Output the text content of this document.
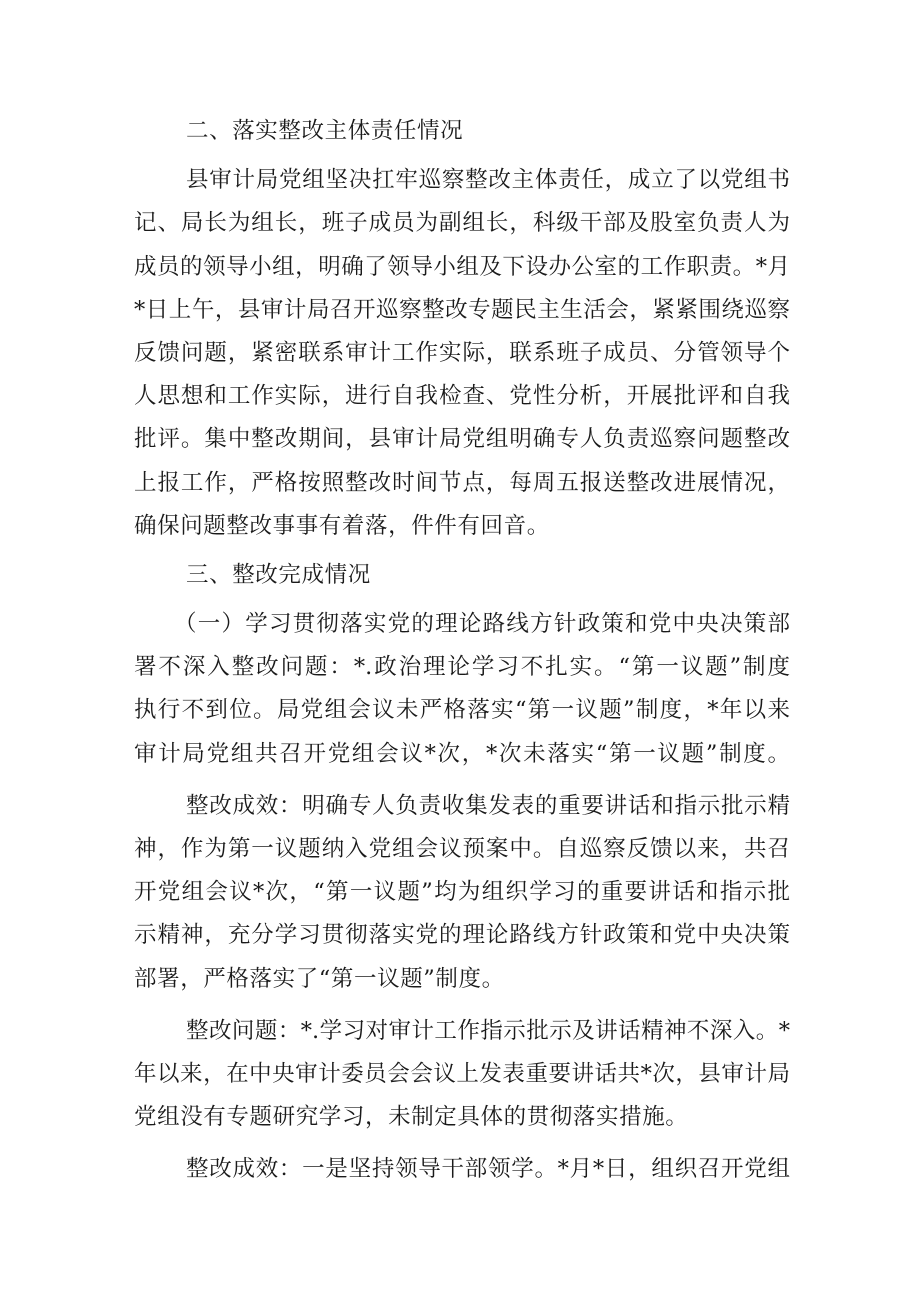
二、落实整改主体责任情况
县审计局党组坚决扛牢巡察整改主体责任，成立了以党组书
记、局长为组长，班子成员为副组长，科级干部及股室负责人为
成员的领导小组，明确了领导小组及下设办公室的工作职责。*月
*日上午，县审计局召开巡察整改专题民主生活会，紧紧围绕巡察
反馈问题，紧密联系审计工作实际，联系班子成员、分管领导个
人思想和工作实际，进行自我检查、党性分析，开展批评和自我
批评。集中整改期间，县审计局党组明确专人负责巡察问题整改
上报工作，严格按照整改时间节点，每周五报送整改进展情况，
确保问题整改事事有着落，件件有回音。
三、整改完成情况
（一）学习贯彻落实党的理论路线方针政策和党中央决策部
署不深入整改问题：*.政治理论学习不扎实。“第一议题”制度
执行不到位。局党组会议未严格落实“第一议题”制度，*年以来
审计局党组共召开党组会议*次，*次未落实“第一议题”制度。
整改成效：明确专人负责收集发表的重要讲话和指示批示精
神，作为第一议题纳入党组会议预案中。自巡察反馈以来，共召
开党组会议*次，“第一议题”均为组织学习的重要讲话和指示批
示精神，充分学习贯彻落实党的理论路线方针政策和党中央决策
部署，严格落实了“第一议题”制度。
整改问题：*.学习对审计工作指示批示及讲话精神不深入。*
年以来，在中央审计委员会会议上发表重要讲话共*次，县审计局
党组没有专题研究学习，未制定具体的贯彻落实措施。
整改成效：一是坚持领导干部领学。*月*日，组织召开党组
